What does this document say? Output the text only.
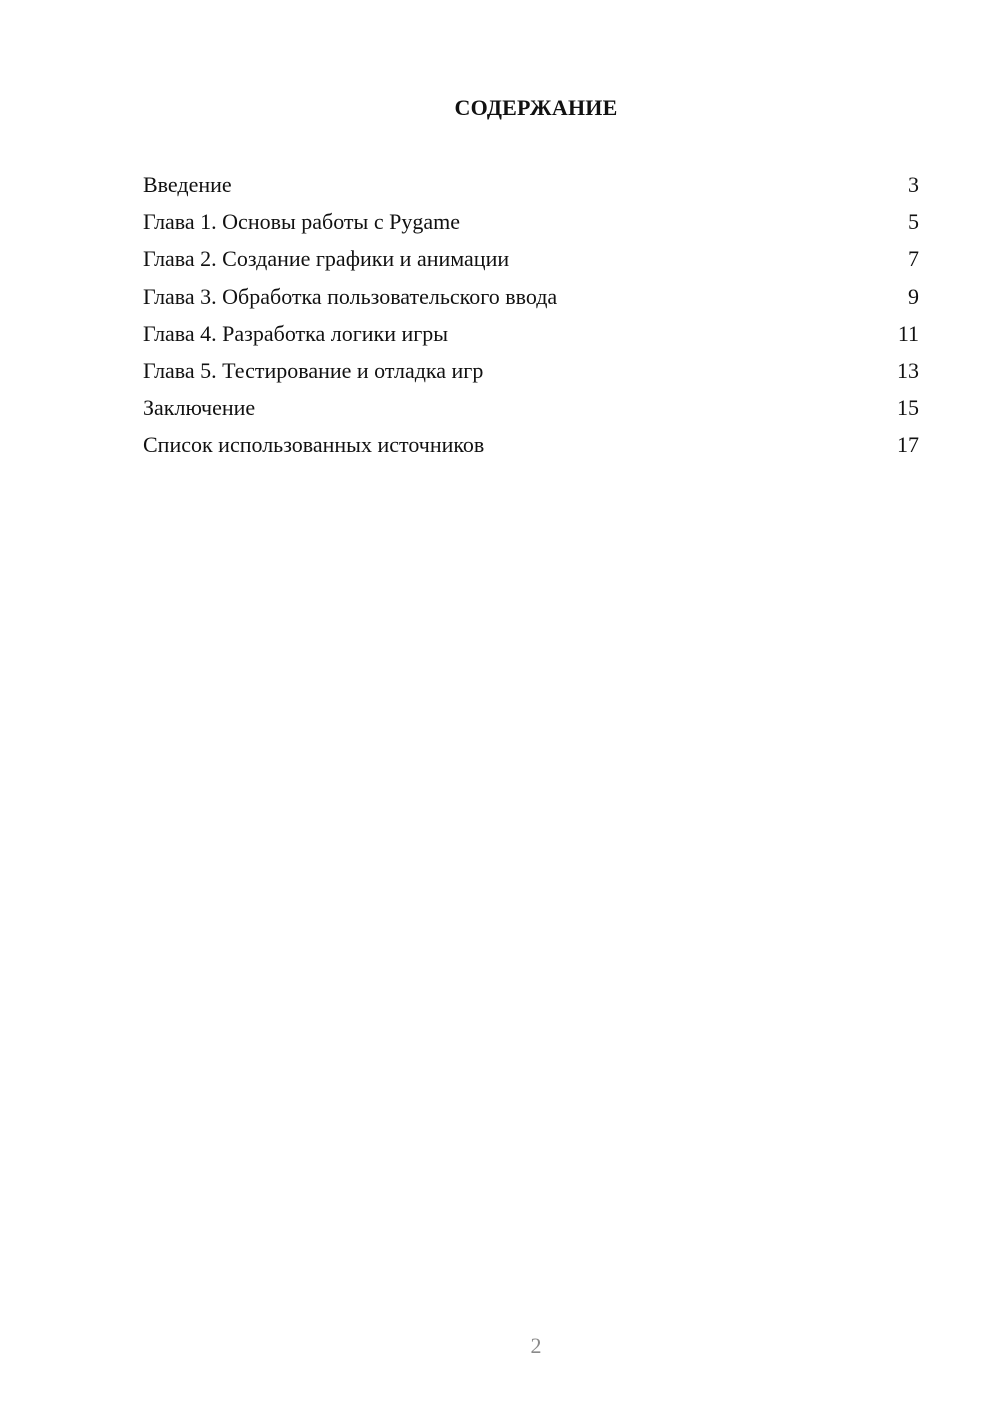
СОДЕРЖАНИЕ
Введение	3
Глава 1. Основы работы с Pygame	5
Глава 2. Создание графики и анимации	7
Глава 3. Обработка пользовательского ввода	9
Глава 4. Разработка логики игры	11
Глава 5. Тестирование и отладка игр	13
Заключение	15
Список использованных источников	17
2
